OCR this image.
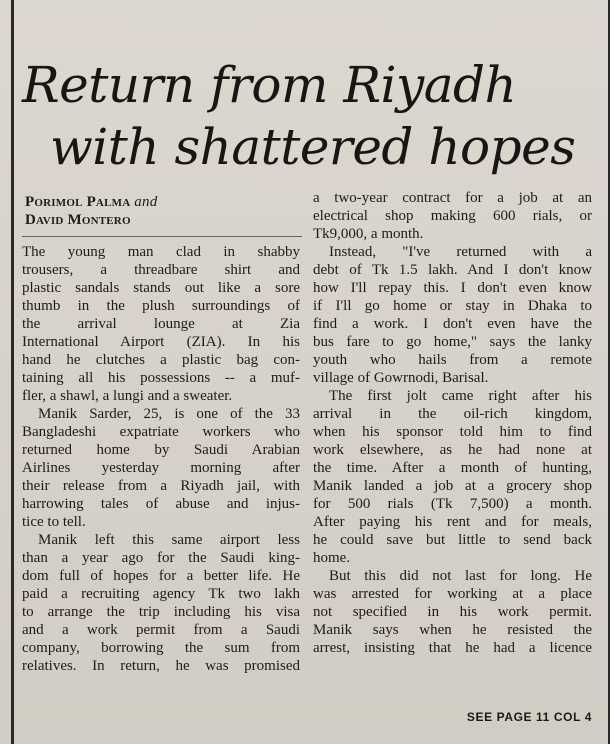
Return from Riyadh
with shattered hopes
Porimol Palma and
David Montero
The young man clad in shabby
trousers, a threadbare shirt and
plastic sandals stands out like a sore
thumb in the plush surroundings of
the arrival lounge at Zia
International Airport (ZIA). In his
hand he clutches a plastic bag con-
taining all his possessions -- a muf-
fler, a shawl, a lungi and a sweater.
Manik Sarder, 25, is one of the 33
Bangladeshi expatriate workers who
returned home by Saudi Arabian
Airlines yesterday morning after
their release from a Riyadh jail, with
harrowing tales of abuse and injus-
tice to tell.
Manik left this same airport less
than a year ago for the Saudi king-
dom full of hopes for a better life. He
paid a recruiting agency Tk two lakh
to arrange the trip including his visa
and a work permit from a Saudi
company, borrowing the sum from
relatives. In return, he was promised
a two-year contract for a job at an
electrical shop making 600 rials, or
Tk9,000, a month.
Instead, "I've returned with a
debt of Tk 1.5 lakh. And I don't know
how I'll repay this. I don't even know
if I'll go home or stay in Dhaka to
find a work. I don't even have the
bus fare to go home," says the lanky
youth who hails from a remote
village of Gowrnodi, Barisal.
The first jolt came right after his
arrival in the oil-rich kingdom,
when his sponsor told him to find
work elsewhere, as he had none at
the time. After a month of hunting,
Manik landed a job at a grocery shop
for 500 rials (Tk 7,500) a month.
After paying his rent and for meals,
he could save but little to send back
home.
But this did not last for long. He
was arrested for working at a place
not specified in his work permit.
Manik says when he resisted the
arrest, insisting that he had a licence
SEE PAGE 11 COL 4
